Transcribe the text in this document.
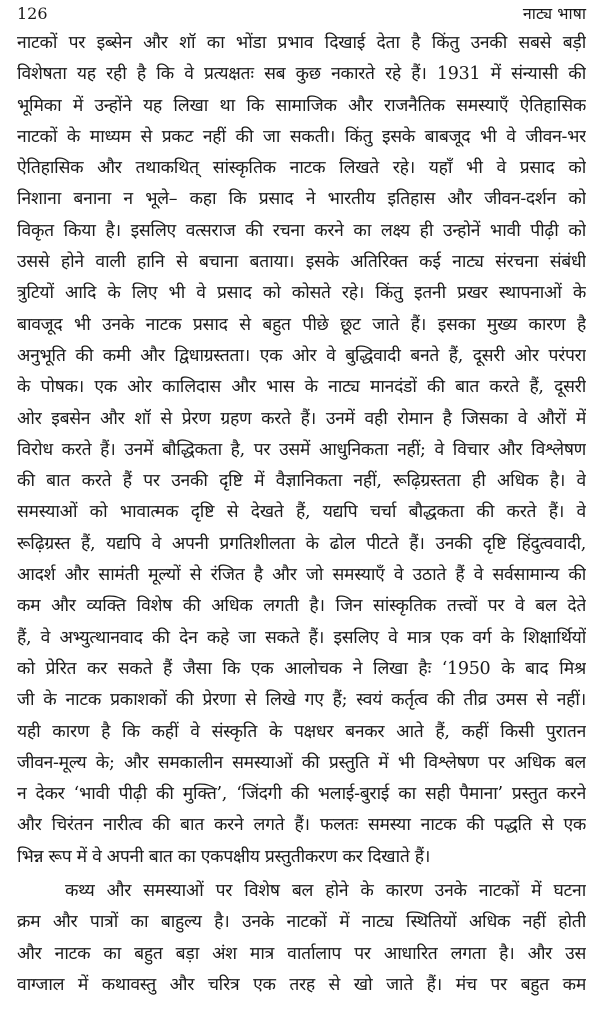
126	नाट्य भाषा
नाटकों पर इब्सेन और शॉ का भोंडा प्रभाव दिखाई देता है किंतु उनकी सबसे बड़ी
विशेषता यह रही है कि वे प्रत्यक्षतः सब कुछ नकारते रहे हैं। 1931 में संन्यासी की
भूमिका में उन्होंने यह लिखा था कि सामाजिक और राजनैतिक समस्याएँ ऐतिहासिक
नाटकों के माध्यम से प्रकट नहीं की जा सकती। किंतु इसके बाबजूद भी वे जीवन-भर
ऐतिहासिक और तथाकथित् सांस्कृतिक नाटक लिखते रहे। यहाँ भी वे प्रसाद को
निशाना बनाना न भूले– कहा कि प्रसाद ने भारतीय इतिहास और जीवन-दर्शन को
विकृत किया है। इसलिए वत्सराज की रचना करने का लक्ष्य ही उन्होनें भावी पीढ़ी को
उससे होने वाली हानि से बचाना बताया। इसके अतिरिक्त कई नाट्य संरचना संबंधी
त्रुटियों आदि के लिए भी वे प्रसाद को कोसते रहे। किंतु इतनी प्रखर स्थापनाओं के
बावजूद भी उनके नाटक प्रसाद से बहुत पीछे छूट जाते हैं। इसका मुख्य कारण है
अनुभूति की कमी और द्विधाग्रस्तता। एक ओर वे बुद्धिवादी बनते हैं, दूसरी ओर परंपरा
के पोषक। एक ओर कालिदास और भास के नाट्य मानदंडों की बात करते हैं, दूसरी
ओर इबसेन और शॉ से प्रेरण ग्रहण करते हैं। उनमें वही रोमान है जिसका वे औरों में
विरोध करते हैं। उनमें बौद्धिकता है, पर उसमें आधुनिकता नहीं; वे विचार और विश्लेषण
की बात करते हैं पर उनकी दृष्टि में वैज्ञानिकता नहीं, रूढ़िग्रस्तता ही अधिक है। वे
समस्याओं को भावात्मक दृष्टि से देखते हैं, यद्यपि चर्चा बौद्धकता की करते हैं। वे
रूढ़िग्रस्त हैं, यद्यपि वे अपनी प्रगतिशीलता के ढोल पीटते हैं। उनकी दृष्टि हिंदुत्ववादी,
आदर्श और सामंती मूल्यों से रंजित है और जो समस्याएँ वे उठाते हैं वे सर्वसामान्य की
कम और व्यक्ति विशेष की अधिक लगती है। जिन सांस्कृतिक तत्त्वों पर वे बल देते
हैं, वे अभ्युत्थानवाद की देन कहे जा सकते हैं। इसलिए वे मात्र एक वर्ग के शिक्षार्थियों
को प्रेरित कर सकते हैं जैसा कि एक आलोचक ने लिखा हैः ‘1950 के बाद मिश्र
जी के नाटक प्रकाशकों की प्रेरणा से लिखे गए हैं; स्वयं कर्तृत्व की तीव्र उमस से नहीं।
यही कारण है कि कहीं वे संस्कृति के पक्षधर बनकर आते हैं, कहीं किसी पुरातन
जीवन-मूल्य के; और समकालीन समस्याओं की प्रस्तुति में भी विश्लेषण पर अधिक बल
न देकर ‘भावी पीढ़ी की मुक्ति’, ‘जिंदगी की भलाई-बुराई का सही पैमाना’ प्रस्तुत करने
और चिरंतन नारीत्व की बात करने लगते हैं। फलतः समस्या नाटक की पद्धति से एक
भिन्न रूप में वे अपनी बात का एकपक्षीय प्रस्तुतीकरण कर दिखाते हैं।
कथ्य और समस्याओं पर विशेष बल होने के कारण उनके नाटकों में घटना
क्रम और पात्रों का बाहुल्य है। उनके नाटकों में नाट्य स्थितियों अधिक नहीं होती
और नाटक का बहुत बड़ा अंश मात्र वार्तालाप पर आधारित लगता है। और उस
वाग्जाल में कथावस्तु और चरित्र एक तरह से खो जाते हैं। मंच पर बहुत कम
